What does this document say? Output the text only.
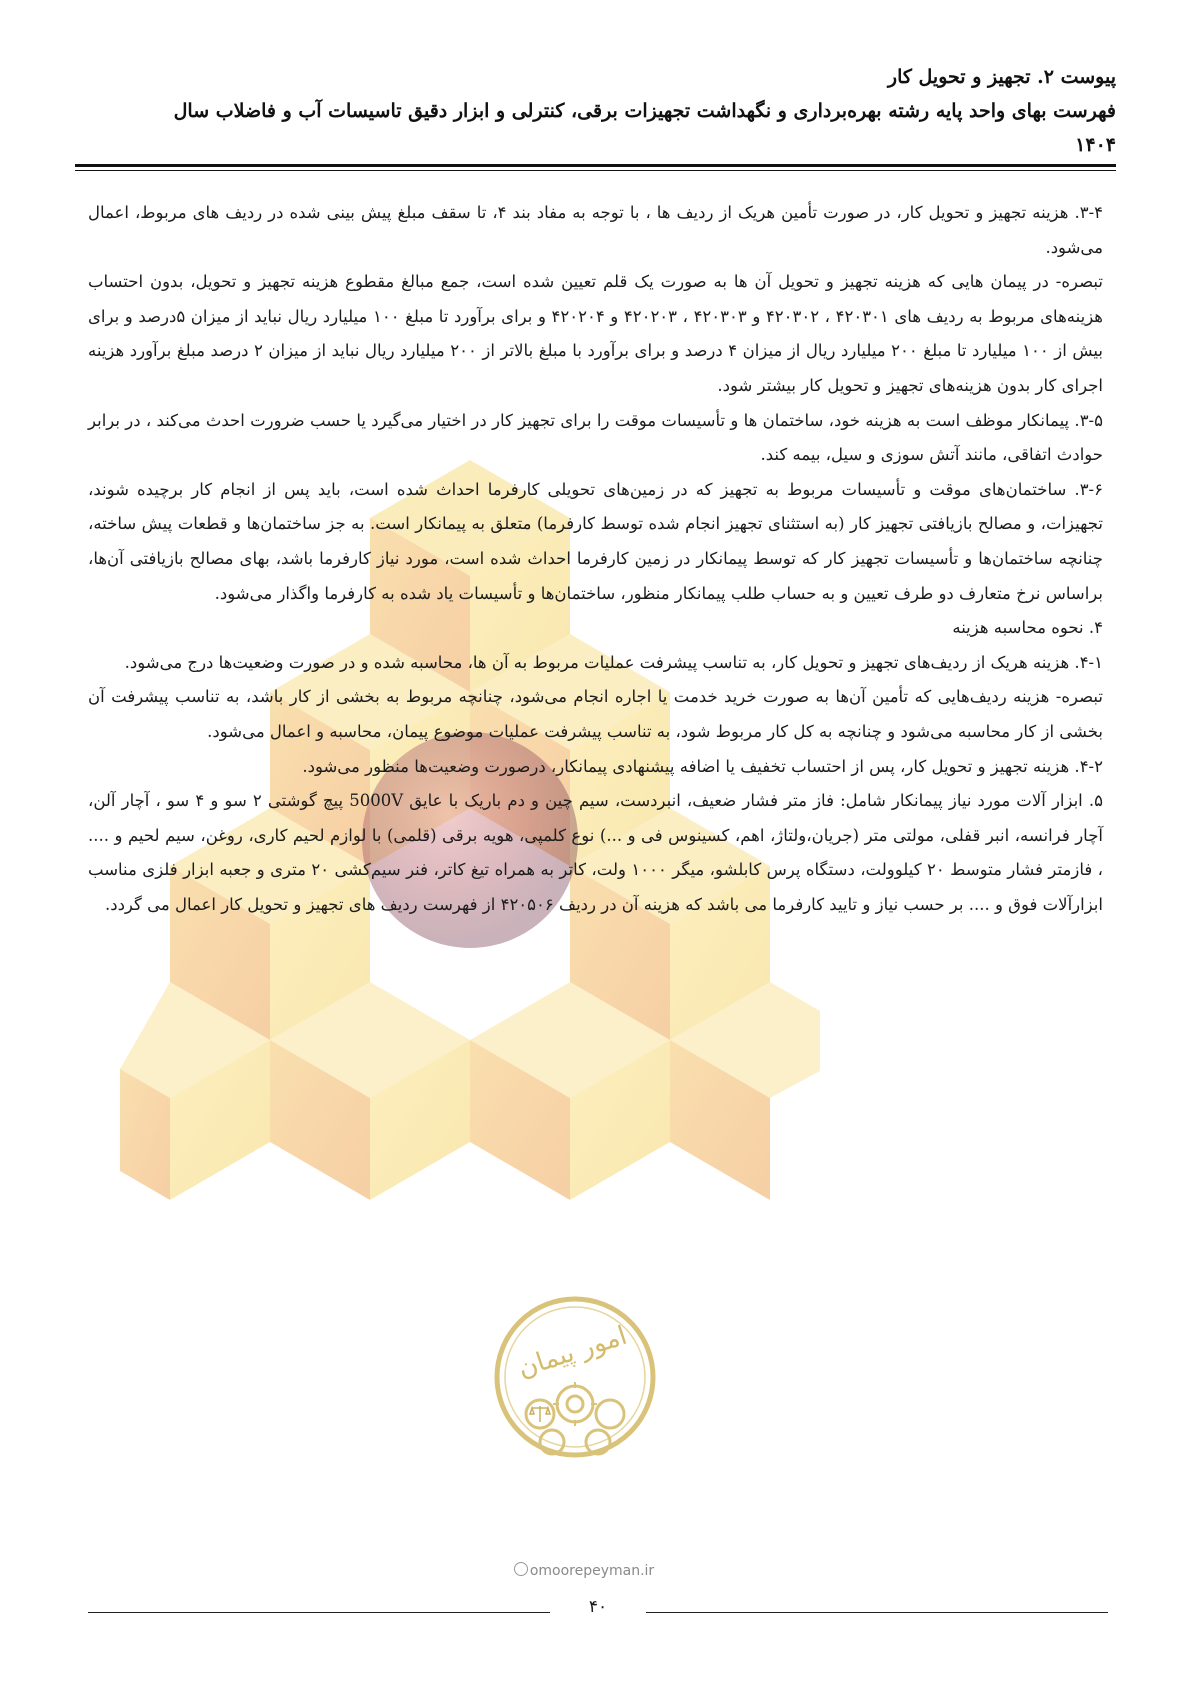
پیوست ۲. تجهیز و تحویل کار
فهرست بهای واحد پایه رشته بهره‌برداری و نگهداشت تجهیزات برقی، کنترلی و ابزار دقیق تاسیسات آب و فاضلاب سال
۱۴۰۴

۳-۴. هزینه تجهیز و تحویل کار، در صورت تأمین هریک از ردیف ها ، با توجه به مفاد بند ۴، تا سقف مبلغ پیش بینی شده در ردیف های مربوط، اعمال می‌شود.

تبصره- در پیمان هایی که هزینه تجهیز و تحویل آن ها به صورت یک قلم تعیین شده است، جمع مبالغ مقطوع هزینه تجهیز و تحویل، بدون احتساب هزینه‌های مربوط به ردیف های ۴۲۰۳۰۱ ، ۴۲۰۳۰۲ و ۴۲۰۳۰۳ ، ۴۲۰۲۰۳ و ۴۲۰۲۰۴ و برای برآورد تا مبلغ ۱۰۰ میلیارد ریال نباید از میزان ۵درصد و برای بیش از ۱۰۰ میلیارد تا مبلغ ۲۰۰ میلیارد ریال از میزان ۴ درصد و برای برآورد با مبلغ بالاتر از ۲۰۰ میلیارد ریال نباید از میزان ۲ درصد مبلغ برآورد هزینه اجرای کار بدون هزینه‌های تجهیز و تحویل کار بیشتر شود.

۳-۵. پیمانکار موظف است به هزینه خود، ساختمان ها و تأسیسات موقت را برای تجهیز کار در اختیار می‌گیرد یا حسب ضرورت احدث می‌کند ، در برابر حوادث اتفاقی، مانند آتش سوزی و سیل، بیمه کند.

۳-۶. ساختمان‌های موقت و تأسیسات مربوط به تجهیز که در زمین‌های تحویلی کارفرما احداث شده است، باید پس از انجام کار برچیده شوند، تجهیزات، و مصالح بازیافتی تجهیز کار (به استثنای تجهیز انجام شده توسط کارفرما) متعلق به پیمانکار است. به جز ساختمان‌ها و قطعات پیش ساخته، چنانچه ساختمان‌ها و تأسیسات تجهیز کار که توسط پیمانکار در زمین کارفرما احداث شده است، مورد نیاز کارفرما باشد، بهای مصالح بازیافتی آن‌ها، براساس نرخ متعارف دو طرف تعیین و به حساب طلب پیمانکار منظور، ساختمان‌ها و تأسیسات یاد شده به کارفرما واگذار می‌شود.

۴. نحوه محاسبه هزینه

۴-۱. هزینه هریک از ردیف‌های تجهیز و تحویل کار، به تناسب پیشرفت عملیات مربوط به آن ها، محاسبه شده و در صورت وضعیت‌ها درج می‌شود.

تبصره- هزینه ردیف‌هایی که تأمین آن‌ها به صورت خرید خدمت یا اجاره انجام می‌شود، چنانچه مربوط به بخشی از کار باشد، به تناسب پیشرفت آن بخشی از کار محاسبه می‌شود و چنانچه به کل کار مربوط شود، به تناسب پیشرفت عملیات موضوع پیمان، محاسبه و اعمال می‌شود.

۴-۲. هزینه تجهیز و تحویل کار، پس از احتساب تخفیف یا اضافه پیشنهادی پیمانکار، درصورت وضعیت‌ها منظور می‌شود.

۵. ابزار آلات مورد نیاز پیمانکار شامل: فاز متر فشار ضعیف، انبردست، سیم چین و دم باریک با عایق 5000V پیچ گوشتی ۲ سو و ۴ سو ، آچار آلن، آچار فرانسه، انبر قفلی، مولتی متر (جریان،ولتاژ، اهم، کسینوس فی و ...) نوع کلمپی، هویه برقی (قلمی) با لوازم لحیم کاری، روغن، سیم لحیم و .... ، فازمتر فشار متوسط ۲۰ کیلوولت، دستگاه پرس کابلشو، میگر ۱۰۰۰ ولت، کاتر به همراه تیغ کاتر، فنر سیم‌کشی ۲۰ متری و جعبه ابزار فلزی مناسب ابزارآلات فوق و .... بر حسب نیاز و تایید کارفرما می باشد که هزینه آن در ردیف ۴۲۰۵۰۶ از فهرست ردیف های تجهیز و تحویل کار اعمال می گردد.

امور پیمان
omoorepeyman.ir
۴۰
